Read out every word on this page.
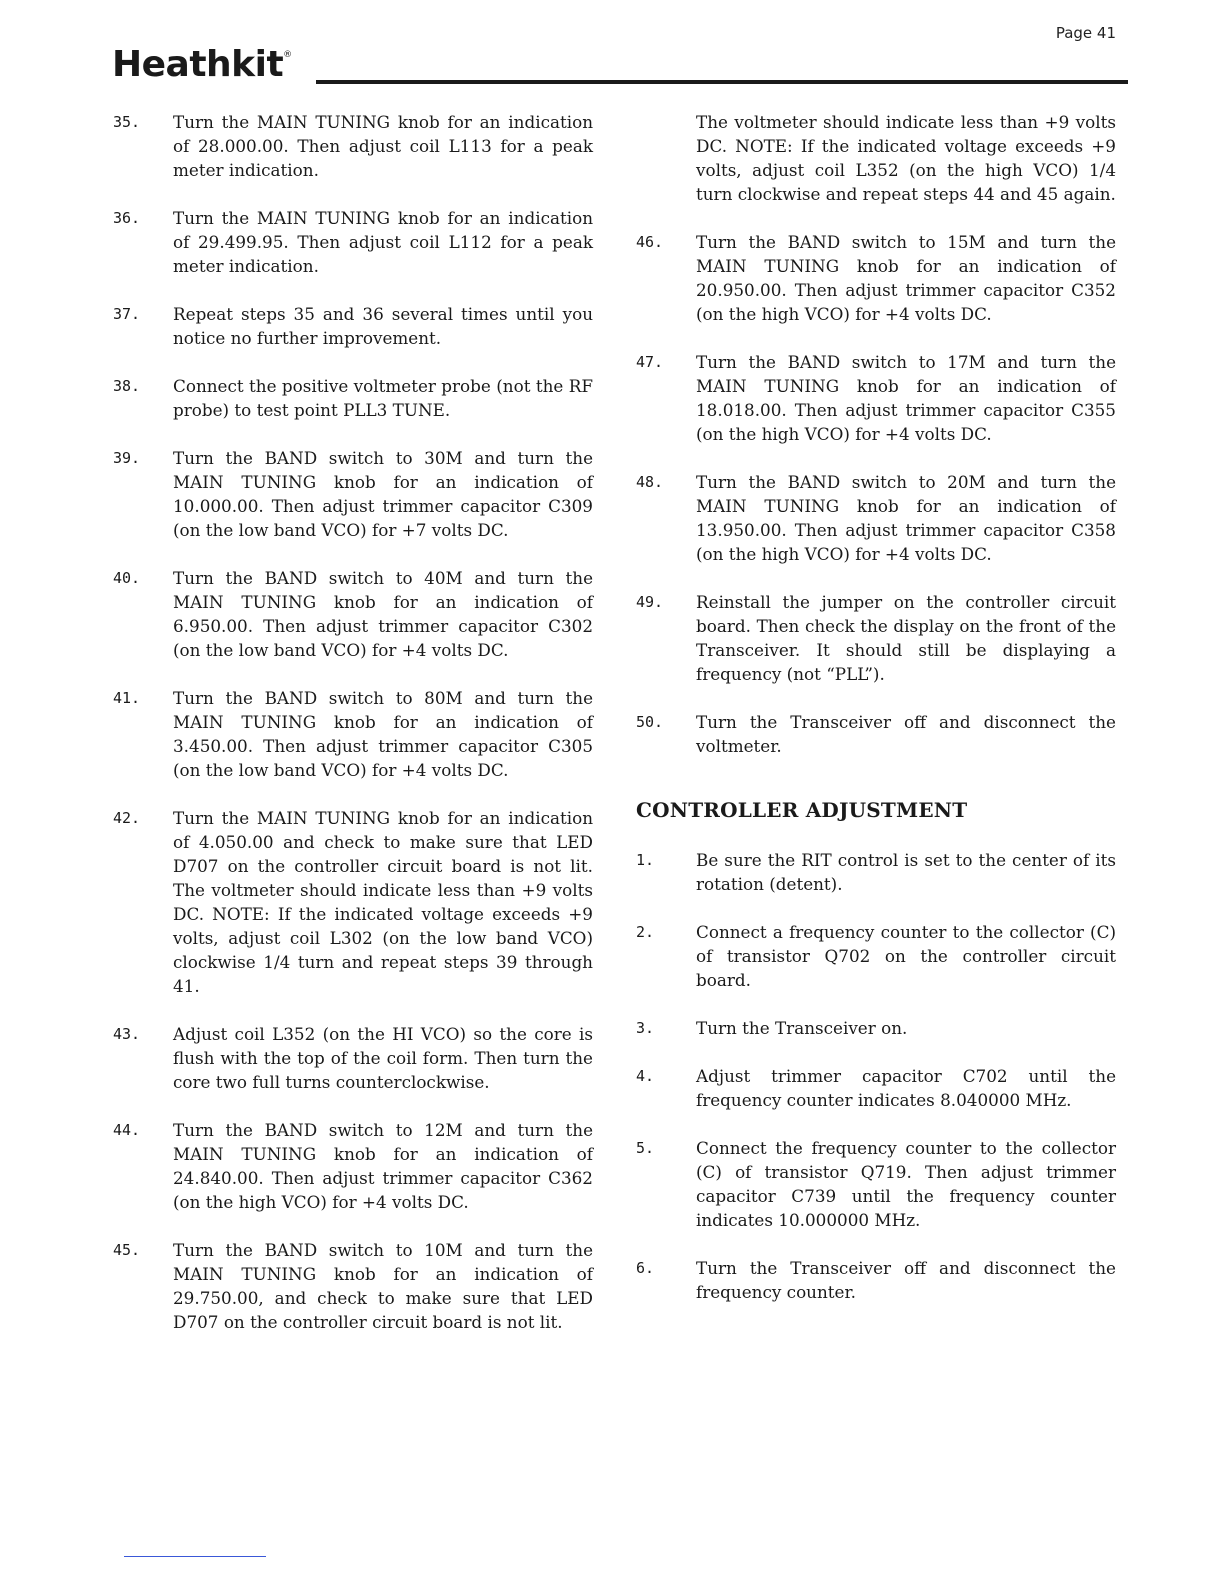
Page 41
Heathkit®
35.	Turn the MAIN TUNING knob for an indication of 28.000.00. Then adjust coil L113 for a peak meter indication.
36.	Turn the MAIN TUNING knob for an indication of 29.499.95. Then adjust coil L112 for a peak meter indication.
37.	Repeat steps 35 and 36 several times until you notice no further improvement.
38.	Connect the positive voltmeter probe (not the RF probe) to test point PLL3 TUNE.
39.	Turn the BAND switch to 30M and turn the MAIN TUNING knob for an indication of 10.000.00. Then adjust trimmer capacitor C309 (on the low band VCO) for +7 volts DC.
40.	Turn the BAND switch to 40M and turn the MAIN TUNING knob for an indication of 6.950.00. Then adjust trimmer capacitor C302 (on the low band VCO) for +4 volts DC.
41.	Turn the BAND switch to 80M and turn the MAIN TUNING knob for an indication of 3.450.00. Then adjust trimmer capacitor C305 (on the low band VCO) for +4 volts DC.
42.	Turn the MAIN TUNING knob for an indication of 4.050.00 and check to make sure that LED D707 on the controller circuit board is not lit. The voltmeter should indicate less than +9 volts DC. NOTE: If the indicated voltage exceeds +9 volts, adjust coil L302 (on the low band VCO) clockwise 1/4 turn and repeat steps 39 through 41.
43.	Adjust coil L352 (on the HI VCO) so the core is flush with the top of the coil form. Then turn the core two full turns counterclockwise.
44.	Turn the BAND switch to 12M and turn the MAIN TUNING knob for an indication of 24.840.00. Then adjust trimmer capacitor C362 (on the high VCO) for +4 volts DC.
45.	Turn the BAND switch to 10M and turn the MAIN TUNING knob for an indication of 29.750.00, and check to make sure that LED D707 on the controller circuit board is not lit.
The voltmeter should indicate less than +9 volts DC. NOTE: If the indicated voltage exceeds +9 volts, adjust coil L352 (on the high VCO) 1/4 turn clockwise and repeat steps 44 and 45 again.
46.	Turn the BAND switch to 15M and turn the MAIN TUNING knob for an indication of 20.950.00. Then adjust trimmer capacitor C352 (on the high VCO) for +4 volts DC.
47.	Turn the BAND switch to 17M and turn the MAIN TUNING knob for an indication of 18.018.00. Then adjust trimmer capacitor C355 (on the high VCO) for +4 volts DC.
48.	Turn the BAND switch to 20M and turn the MAIN TUNING knob for an indication of 13.950.00. Then adjust trimmer capacitor C358 (on the high VCO) for +4 volts DC.
49.	Reinstall the jumper on the controller circuit board. Then check the display on the front of the Transceiver. It should still be displaying a frequency (not “PLL”).
50.	Turn the Transceiver off and disconnect the voltmeter.
CONTROLLER ADJUSTMENT
1.	Be sure the RIT control is set to the center of its rotation (detent).
2.	Connect a frequency counter to the collector (C) of transistor Q702 on the controller circuit board.
3.	Turn the Transceiver on.
4.	Adjust trimmer capacitor C702 until the frequency counter indicates 8.040000 MHz.
5.	Connect the frequency counter to the collector (C) of transistor Q719. Then adjust trimmer capacitor C739 until the frequency counter indicates 10.000000 MHz.
6.	Turn the Transceiver off and disconnect the frequency counter.
